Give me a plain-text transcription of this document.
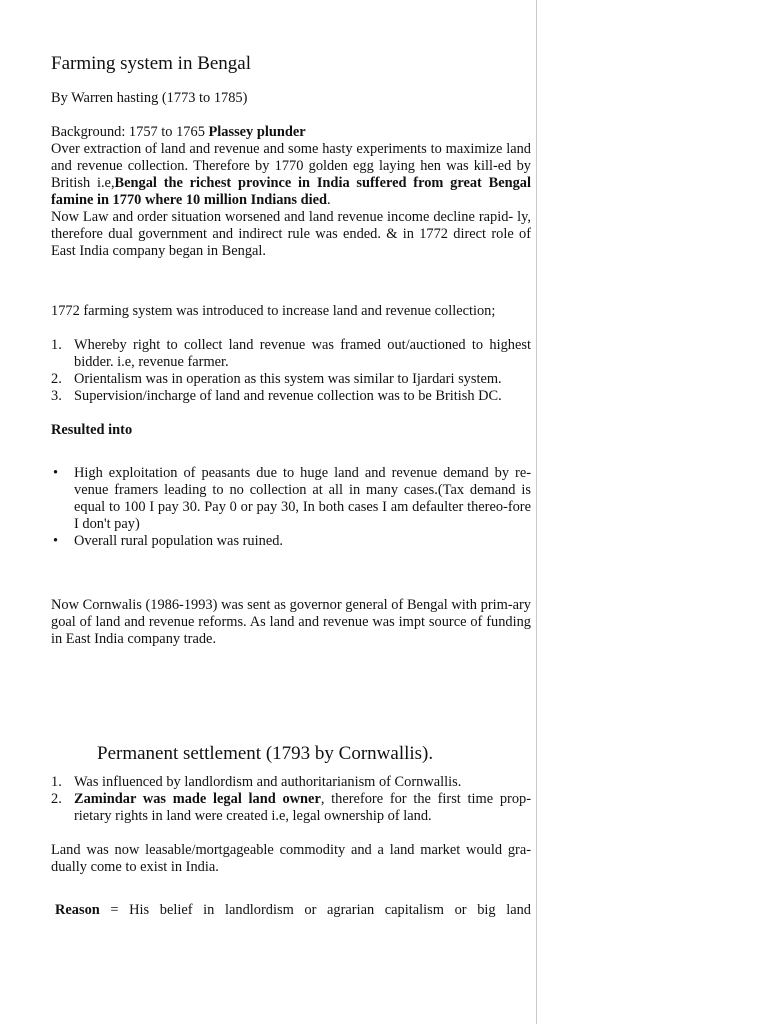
Farming system in Bengal

By Warren hasting (1773 to 1785)

Background: 1757 to 1765 Plassey plunder

Over extraction of land and revenue and some hasty experiments to maximize land and revenue collection. Therefore by 1770 golden egg laying hen was kill-ed by British i.e,Bengal the richest province in India suffered from great Bengal famine in 1770 where 10 million Indians died.

Now Law and order situation worsened and land revenue income decline rapid- ly, therefore dual government and indirect rule was ended. & in 1772 direct role of East India company began in Bengal.

1772 farming system was introduced to increase land and revenue collection;

1. Whereby right to collect land revenue was framed out/auctioned to highest bidder. i.e, revenue farmer.
2. Orientalism was in operation as this system was similar to Ijardari system.
3. Supervision/incharge of land and revenue collection was to be British DC.

Resulted into

• High exploitation of peasants due to huge land and revenue demand by re-venue framers leading to no collection at all in many cases.(Tax demand is equal to 100 I pay 30. Pay 0 or pay 30, In both cases I am defaulter thereo-fore I don't pay)
• Overall rural population was ruined.

Now Cornwalis (1986-1993) was sent as governor general of Bengal with prim-ary goal of land and revenue reforms. As land and revenue was impt source of funding in East India company trade.

Permanent settlement (1793 by Cornwallis).
1. Was influenced by landlordism and authoritarianism of Cornwallis.
2. Zamindar was made legal land owner, therefore for the first time prop-rietary rights in land were created i.e, legal ownership of land.

Land was now leasable/mortgageable commodity and a land market would gra-dually come to exist in India.

Reason = His belief in landlordism or agrarian capitalism or big land
